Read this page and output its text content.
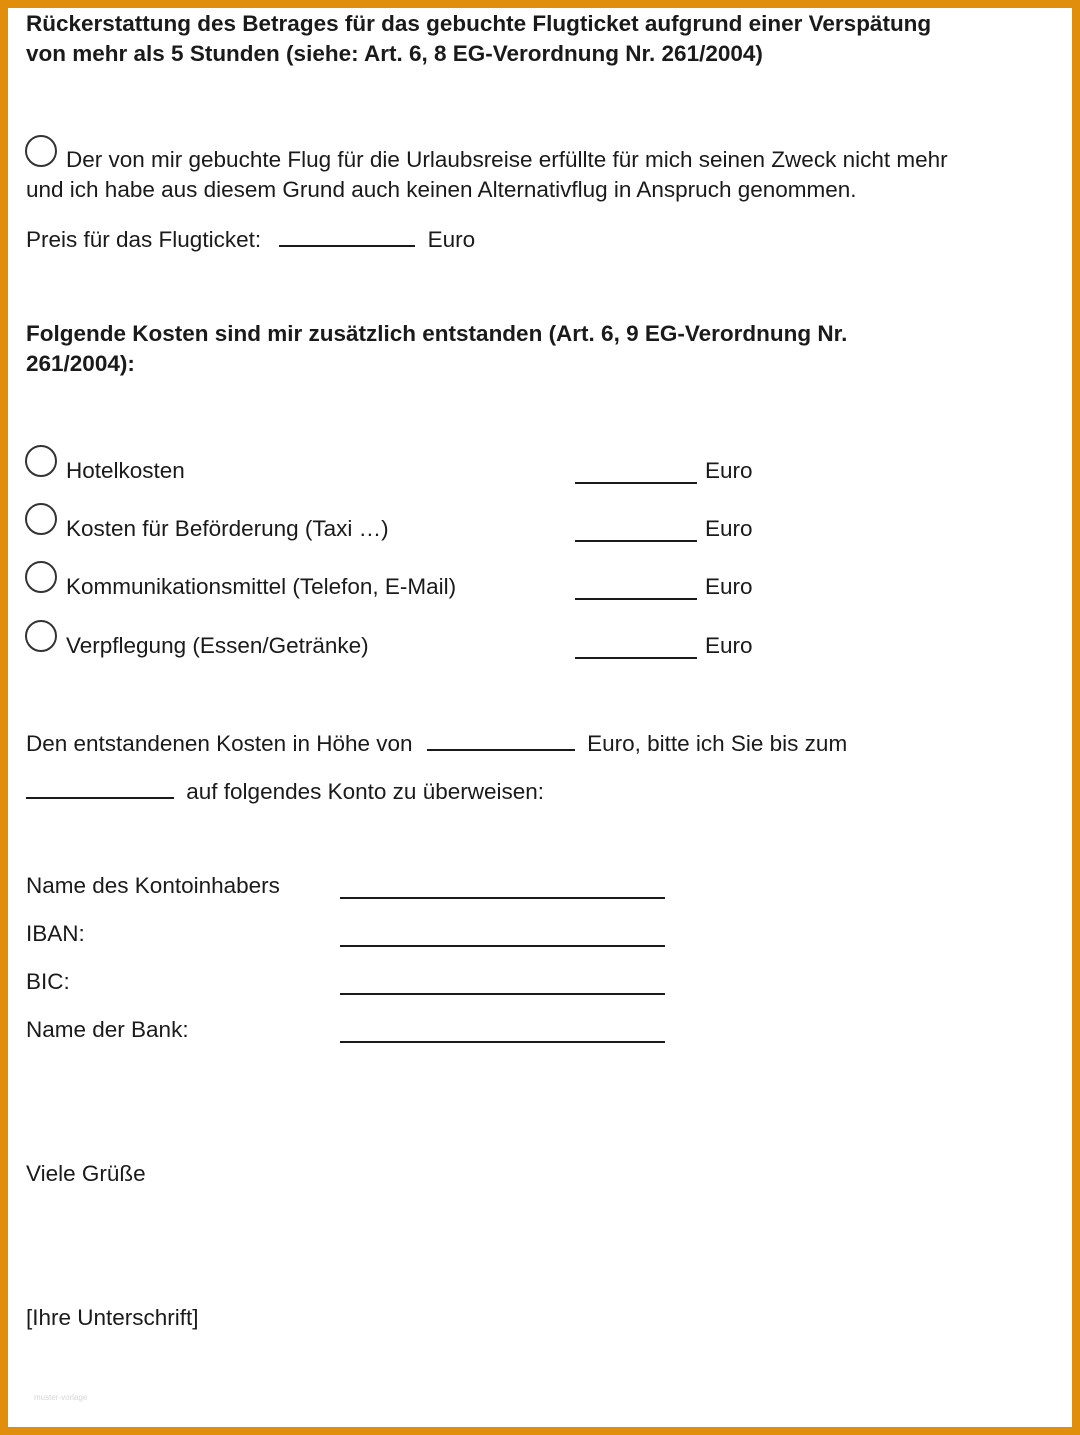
Rückerstattung des Betrages für das gebuchte Flugticket aufgrund einer Verspätung
von mehr als 5 Stunden (siehe: Art. 6, 8 EG-Verordnung Nr. 261/2004)
Der von mir gebuchte Flug für die Urlaubsreise erfüllte für mich seinen Zweck nicht mehr
und ich habe aus diesem Grund auch keinen Alternativflug in Anspruch genommen.
Preis für das Flugticket:	Euro
Folgende Kosten sind mir zusätzlich entstanden (Art. 6, 9 EG-Verordnung Nr.
261/2004):
Hotelkosten	Euro
Kosten für Beförderung (Taxi …)	Euro
Kommunikationsmittel (Telefon, E-Mail)	Euro
Verpflegung (Essen/Getränke)	Euro
Den entstandenen Kosten in Höhe von	Euro, bitte ich Sie bis zum
auf folgendes Konto zu überweisen:
Name des Kontoinhabers
IBAN:
BIC:
Name der Bank:
Viele Grüße
[Ihre Unterschrift]
muster-vorlage
